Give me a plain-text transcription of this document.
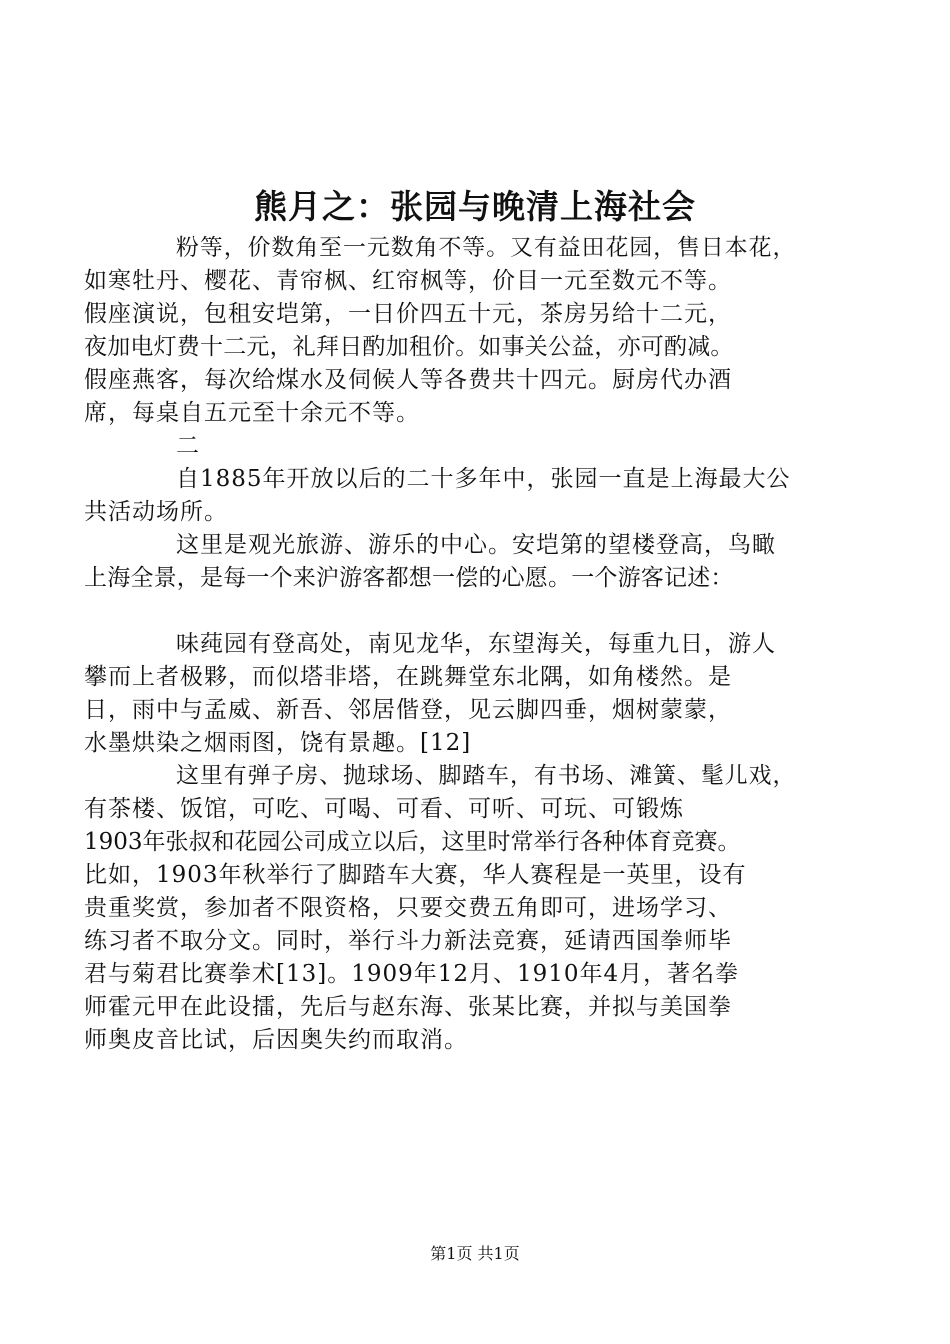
熊月之：张园与晚清上海社会

粉等，价数角至一元数角不等。又有益田花园，售日本花，
如寒牡丹、樱花、青帘枫、红帘枫等，价目一元至数元不等。
假座演说，包租安垲第，一日价四五十元，茶房另给十二元，
夜加电灯费十二元，礼拜日酌加租价。如事关公益，亦可酌减。
假座燕客，每次给煤水及伺候人等各费共十四元。厨房代办酒
席，每桌自五元至十余元不等。

二

自1885年开放以后的二十多年中，张园一直是上海最大公
共活动场所。

这里是观光旅游、游乐的中心。安垲第的望楼登高，鸟瞰
上海全景，是每一个来沪游客都想一偿的心愿。一个游客记述：

味莼园有登高处，南见龙华，东望海关，每重九日，游人
攀而上者极夥，而似塔非塔，在跳舞堂东北隅，如角楼然。是
日，雨中与孟威、新吾、邻居偕登，见云脚四垂，烟树蒙蒙，
水墨烘染之烟雨图，饶有景趣。[12]

这里有弹子房、抛球场、脚踏车，有书场、滩簧、髦儿戏，
有茶楼、饭馆，可吃、可喝、可看、可听、可玩、可锻炼
1903年张叔和花园公司成立以后，这里时常举行各种体育竞赛。
比如，1903年秋举行了脚踏车大赛，华人赛程是一英里，设有
贵重奖赏，参加者不限资格，只要交费五角即可，进场学习、
练习者不取分文。同时，举行斗力新法竞赛，延请西国拳师毕
君与菊君比赛拳术[13]。1909年12月、1910年4月，著名拳
师霍元甲在此设擂，先后与赵东海、张某比赛，并拟与美国拳
师奥皮音比试，后因奥失约而取消。

第1页 共1页
